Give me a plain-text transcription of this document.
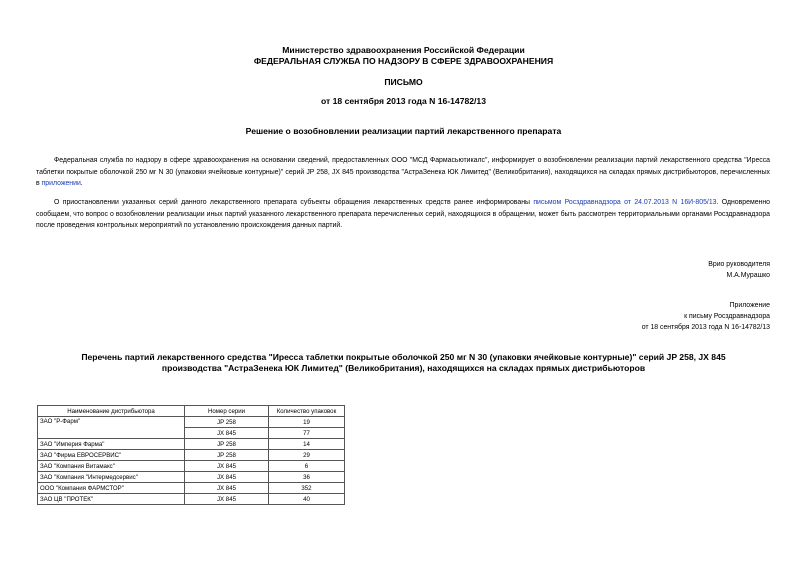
Министерство здравоохранения Российской Федерации
ФЕДЕРАЛЬНАЯ СЛУЖБА ПО НАДЗОРУ В СФЕРЕ ЗДРАВООХРАНЕНИЯ
ПИСЬМО
от 18 сентября 2013 года N 16-14782/13
Решение о возобновлении реализации партий лекарственного препарата
Федеральная служба по надзору в сфере здравоохранения на основании сведений, предоставленных ООО "МСД Фармасьютикалс", информирует о возобновлении реализации партий лекарственного средства "Иресса таблетки покрытые оболочкой 250 мг N 30 (упаковки ячейковые контурные)" серий JP 258, JX 845 производства "АстраЗенека ЮК Лимитед" (Великобритания), находящихся на складах прямых дистрибьюторов, перечисленных в приложении.
О приостановлении указанных серий данного лекарственного препарата субъекты обращения лекарственных средств ранее информированы письмом Росздравнадзора от 24.07.2013 N 16И-805/13. Одновременно сообщаем, что вопрос о возобновлении реализации иных партий указанного лекарственного препарата перечисленных серий, находящихся в обращении, может быть рассмотрен территориальными органами Росздравнадзора после проведения контрольных мероприятий по установлению происхождения данных партий.
Врио руководителя
М.А.Мурашко
Приложение
к письму Росздравнадзора
от 18 сентября 2013 года N 16-14782/13
Перечень партий лекарственного средства "Иресса таблетки покрытые оболочкой 250 мг N 30 (упаковки ячейковые контурные)" серий JP 258, JX 845
производства "АстраЗенека ЮК Лимитед" (Великобритания), находящихся на складах прямых дистрибьюторов
Наименование дистрибьютора	Номер серии	Количество упаковок
ЗАО "Р-Фарм"	JP 258	19
	JX 845	77
ЗАО "Империя Фарма"	JP 258	14
ЗАО "Фирма ЕВРОСЕРВИС"	JP 258	29
ЗАО "Компания Витамакс"	JX 845	6
ЗАО "Компания "Интермедсервис"	JX 845	36
ООО "Компания ФАРМСТОР"	JX 845	352
ЗАО ЦВ "ПРОТЕК"	JX 845	40
